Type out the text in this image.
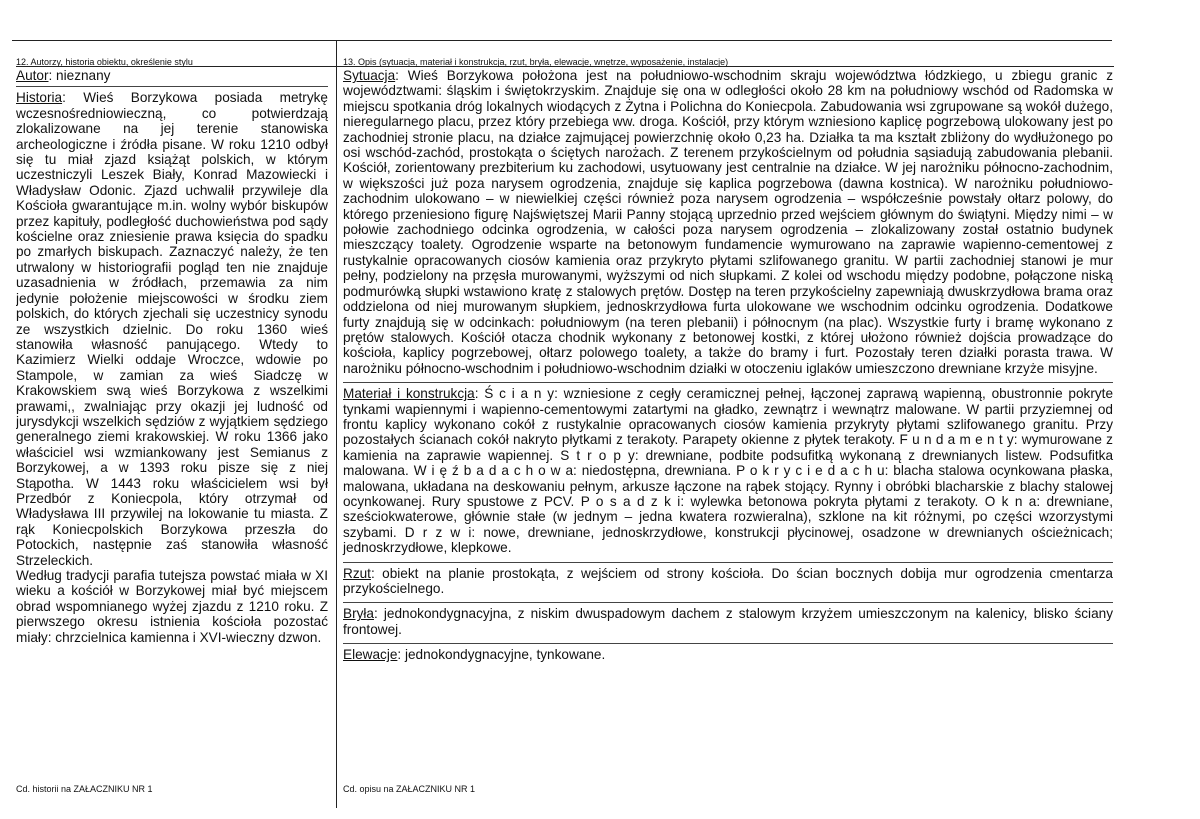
12. Autorzy, historia obiektu, określenie stylu

Autor: nieznany

Historia: Wieś Borzykowa posiada metrykę wczesnośredniowieczną, co potwierdzają zlokalizowane na jej terenie stanowiska archeologiczne i źródła pisane. W roku 1210 odbył się tu miał zjazd książąt polskich, w którym uczestniczyli Leszek Biały, Konrad Mazowiecki i Władysław Odonic. Zjazd uchwalił przywileje dla Kościoła gwarantujące m.in. wolny wybór biskupów przez kapituły, podległość duchowieństwa pod sądy kościelne oraz zniesienie prawa księcia do spadku po zmarłych biskupach. Zaznaczyć należy, że ten utrwalony w historiografii pogląd ten nie znajduje uzasadnienia w źródłach, przemawia za nim jedynie położenie miejscowości w środku ziem polskich, do których zjechali się uczestnicy synodu ze wszystkich dzielnic. Do roku 1360 wieś stanowiła własność panującego. Wtedy to Kazimierz Wielki oddaje Wroczce, wdowie po Stampole, w zamian za wieś Siadczę w Krakowskiem swą wieś Borzykowa z wszelkimi prawami,, zwalniając przy okazji jej ludność od jurysdykcji wszelkich sędziów z wyjątkiem sędziego generalnego ziemi krakowskiej. W roku 1366 jako właściciel wsi wzmiankowany jest Semianus z Borzykowej, a w 1393 roku pisze się z niej Stąpotha. W 1443 roku właścicielem wsi był Przedbór z Koniecpola, który otrzymał od Władysława III przywilej na lokowanie tu miasta. Z rąk Koniecpolskich Borzykowa przeszła do Potockich, następnie zaś stanowiła własność Strzeleckich.

Według tradycji parafia tutejsza powstać miała w XI wieku a kościół w Borzykowej miał być miejscem obrad wspomnianego wyżej zjazdu z 1210 roku. Z pierwszego okresu istnienia kościoła pozostać miały: chrzcielnica kamienna i XVI-wieczny dzwon.

Cd. historii na ZAŁACZNIKU NR 1
13. Opis (sytuacja, materiał i konstrukcja, rzut, bryła, elewacje, wnętrze, wyposażenie, instalacje)

Sytuacja: Wieś Borzykowa położona jest na południowo-wschodnim skraju województwa łódzkiego, u zbiegu granic z województwami: śląskim i świętokrzyskim. Znajduje się ona w odległości około 28 km na południowy wschód od Radomska w miejscu spotkania dróg lokalnych wiodących z Żytna i Polichna do Koniecpola. Zabudowania wsi zgrupowane są wokół dużego, nieregularnego placu, przez który przebiega ww. droga. Kościół, przy którym wzniesiono kaplicę pogrzebową ulokowany jest po zachodniej stronie placu, na działce zajmującej powierzchnię około 0,23 ha. Działka ta ma kształt zbliżony do wydłużonego po osi wschód-zachód, prostokąta o ściętych narożach. Z terenem przykościelnym od południa sąsiadują zabudowania plebanii. Kościół, zorientowany prezbiterium ku zachodowi, usytuowany jest centralnie na działce. W jej narożniku północno-zachodnim, w większości już poza narysem ogrodzenia, znajduje się kaplica pogrzebowa (dawna kostnica). W narożniku południowo-zachodnim ulokowano – w niewielkiej części również poza narysem ogrodzenia – współcześnie powstały ołtarz polowy, do którego przeniesiono figurę Najświętszej Marii Panny stojącą uprzednio przed wejściem głównym do świątyni. Między nimi – w połowie zachodniego odcinka ogrodzenia, w całości poza narysem ogrodzenia – zlokalizowany został ostatnio budynek mieszczący toalety. Ogrodzenie wsparte na betonowym fundamencie wymurowano na zaprawie wapienno-cementowej z rustykalnie opracowanych ciosów kamienia oraz przykryto płytami szlifowanego granitu. W partii zachodniej stanowi je mur pełny, podzielony na przęsła murowanymi, wyższymi od nich słupkami. Z kolei od wschodu między podobne, połączone niską podmurówką słupki wstawiono kratę z stalowych prętów. Dostęp na teren przykościelny zapewniają dwuskrzydłowa brama oraz oddzielona od niej murowanym słupkiem, jednoskrzydłowa furta ulokowane we wschodnim odcinku ogrodzenia. Dodatkowe furty znajdują się w odcinkach: południowym (na teren plebanii) i północnym (na plac). Wszystkie furty i bramę wykonano z prętów stalowych. Kościół otacza chodnik wykonany z betonowej kostki, z której ułożono również dojścia prowadzące do kościoła, kaplicy pogrzebowej, ołtarz polowego toalety, a także do bramy i furt. Pozostały teren działki porasta trawa. W narożniku północno-wschodnim i południowo-wschodnim działki w otoczeniu iglaków umieszczono drewniane krzyże misyjne.

Materiał i konstrukcja: Ś c i a n y: wzniesione z cegły ceramicznej pełnej, łączonej zaprawą wapienną, obustronnie pokryte tynkami wapiennymi i wapienno-cementowymi zatartymi na gładko, zewnątrz i wewnątrz malowane. W partii przyziemnej od frontu kaplicy wykonano cokół z rustykalnie opracowanych ciosów kamienia przykryty płytami szlifowanego granitu. Przy pozostałych ścianach cokół nakryto płytkami z terakoty. Parapety okienne z płytek terakoty. F u n d a m e n t y: wymurowane z kamienia na zaprawie wapiennej. S t r o p y: drewniane, podbite podsufitką wykonaną z drewnianych listew. Podsufitka malowana. W i ę ź b a d a c h o w a: niedostępna, drewniana. P o k r y c i e d a c h u: blacha stalowa ocynkowana płaska, malowana, układana na deskowaniu pełnym, arkusze łączone na rąbek stojący. Rynny i obróbki blacharskie z blachy stalowej ocynkowanej. Rury spustowe z PCV. P o s a d z k i: wylewka betonowa pokryta płytami z terakoty. O k n a: drewniane, sześciokwaterowe, głównie stałe (w jednym – jedna kwatera rozwieralna), szklone na kit różnymi, po części wzorzystymi szybami. D r z w i: nowe, drewniane, jednoskrzydłowe, konstrukcji płycinowej, osadzone w drewnianych ościeżnicach; jednoskrzydłowe, klepkowe.

Rzut: obiekt na planie prostokąta, z wejściem od strony kościoła. Do ścian bocznych dobija mur ogrodzenia cmentarza przykościelnego.

Bryła: jednokondygnacyjna, z niskim dwuspadowym dachem z stalowym krzyżem umieszczonym na kalenicy, blisko ściany frontowej.

Elewacje: jednokondygnacyjne, tynkowane.

Cd. opisu na ZAŁACZNIKU NR 1
